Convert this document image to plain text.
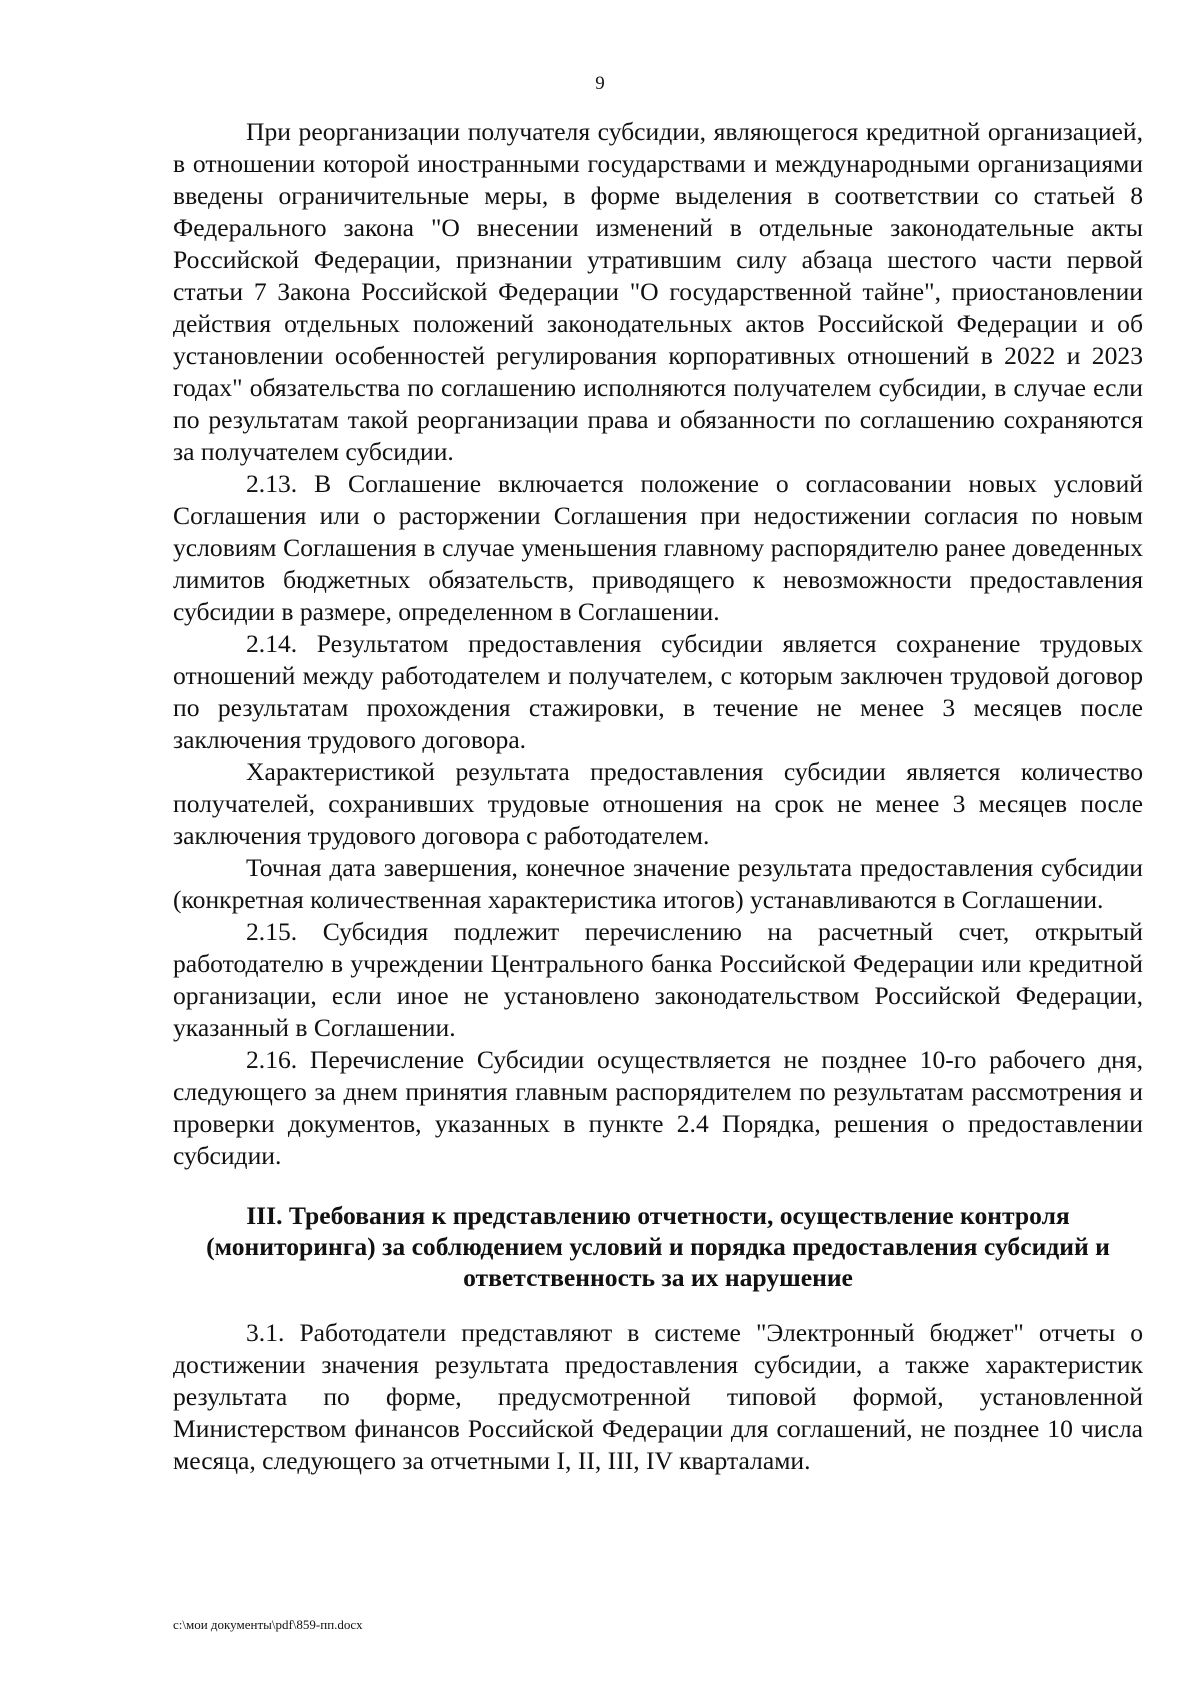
9

При реорганизации получателя субсидии, являющегося кредитной организацией, в отношении которой иностранными государствами и международными организациями введены ограничительные меры, в форме выделения в соответствии со статьей 8 Федерального закона "О внесении изменений в отдельные законодательные акты Российской Федерации, признании утратившим силу абзаца шестого части первой статьи 7 Закона Российской Федерации "О государственной тайне", приостановлении действия отдельных положений законодательных актов Российской Федерации и об установлении особенностей регулирования корпоративных отношений в 2022 и 2023 годах" обязательства по соглашению исполняются получателем субсидии, в случае если по результатам такой реорганизации права и обязанности по соглашению сохраняются за получателем субсидии.

2.13. В Соглашение включается положение о согласовании новых условий Соглашения или о расторжении Соглашения при недостижении согласия по новым условиям Соглашения в случае уменьшения главному распорядителю ранее доведенных лимитов бюджетных обязательств, приводящего к невозможности предоставления субсидии в размере, определенном в Соглашении.

2.14. Результатом предоставления субсидии является сохранение трудовых отношений между работодателем и получателем, с которым заключен трудовой договор по результатам прохождения стажировки, в течение не менее 3 месяцев после заключения трудового договора.

Характеристикой результата предоставления субсидии является количество получателей, сохранивших трудовые отношения на срок не менее 3 месяцев после заключения трудового договора с работодателем.

Точная дата завершения, конечное значение результата предоставления субсидии (конкретная количественная характеристика итогов) устанавливаются в Соглашении.

2.15. Субсидия подлежит перечислению на расчетный счет, открытый работодателю в учреждении Центрального банка Российской Федерации или кредитной организации, если иное не установлено законодательством Российской Федерации, указанный в Соглашении.

2.16. Перечисление Субсидии осуществляется не позднее 10-го рабочего дня, следующего за днем принятия главным распорядителем по результатам рассмотрения и проверки документов, указанных в пункте 2.4 Порядка, решения о предоставлении субсидии.

III. Требования к представлению отчетности, осуществление контроля (мониторинга) за соблюдением условий и порядка предоставления субсидий и ответственность за их нарушение

3.1. Работодатели представляют в системе "Электронный бюджет" отчеты о достижении значения результата предоставления субсидии, а также характеристик результата по форме, предусмотренной типовой формой, установленной Министерством финансов Российской Федерации для соглашений, не позднее 10 числа месяца, следующего за отчетными I, II, III, IV кварталами.

c:\мои документы\pdf\859-пп.docx
